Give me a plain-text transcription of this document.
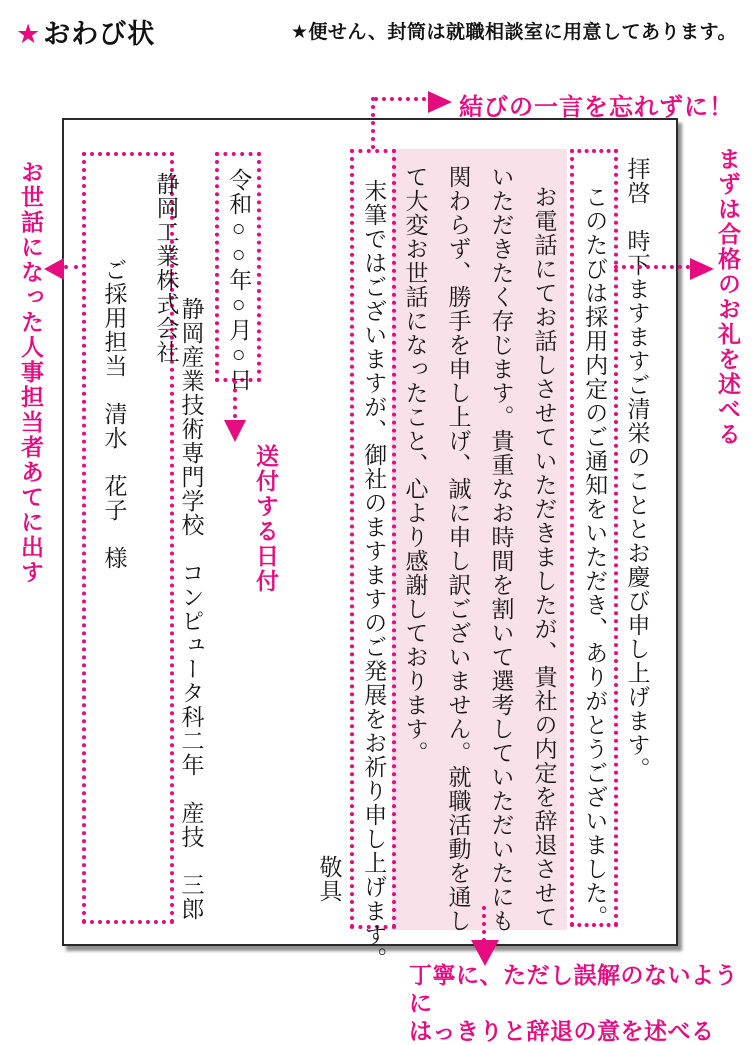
★おわび状	★便せん、封筒は就職相談室に用意してあります。
お電話にてお話しさせていただきましたが、貴社の内定を辞退させて
いただきたく存じます。貴重なお時間を割いて選考していただいたにも
関わらず、勝手を申し上げ、誠に申し訳ございません。就職活動を通し
て大変お世話になったこと、心より感謝しております。	拝啓　時下ますますご清栄のこととお慶び申し上げます。
このたびは採用内定のご通知をいただき、ありがとうございました。
末筆ではございますが、御社のますますのご発展をお祈り申し上げます。
敬具
令和○○年○月○日
静岡産業技術専門学校　コンピュータ科二年　産技　三郎
静岡工業株式会社
ご採用担当　清水　花子　様
結びの一言を忘れずに！
まずは合格のお礼を述べる
お世話になった人事担当者あてに出す	送付する日付
丁寧に、ただし誤解のないように
はっきりと辞退の意を述べる
